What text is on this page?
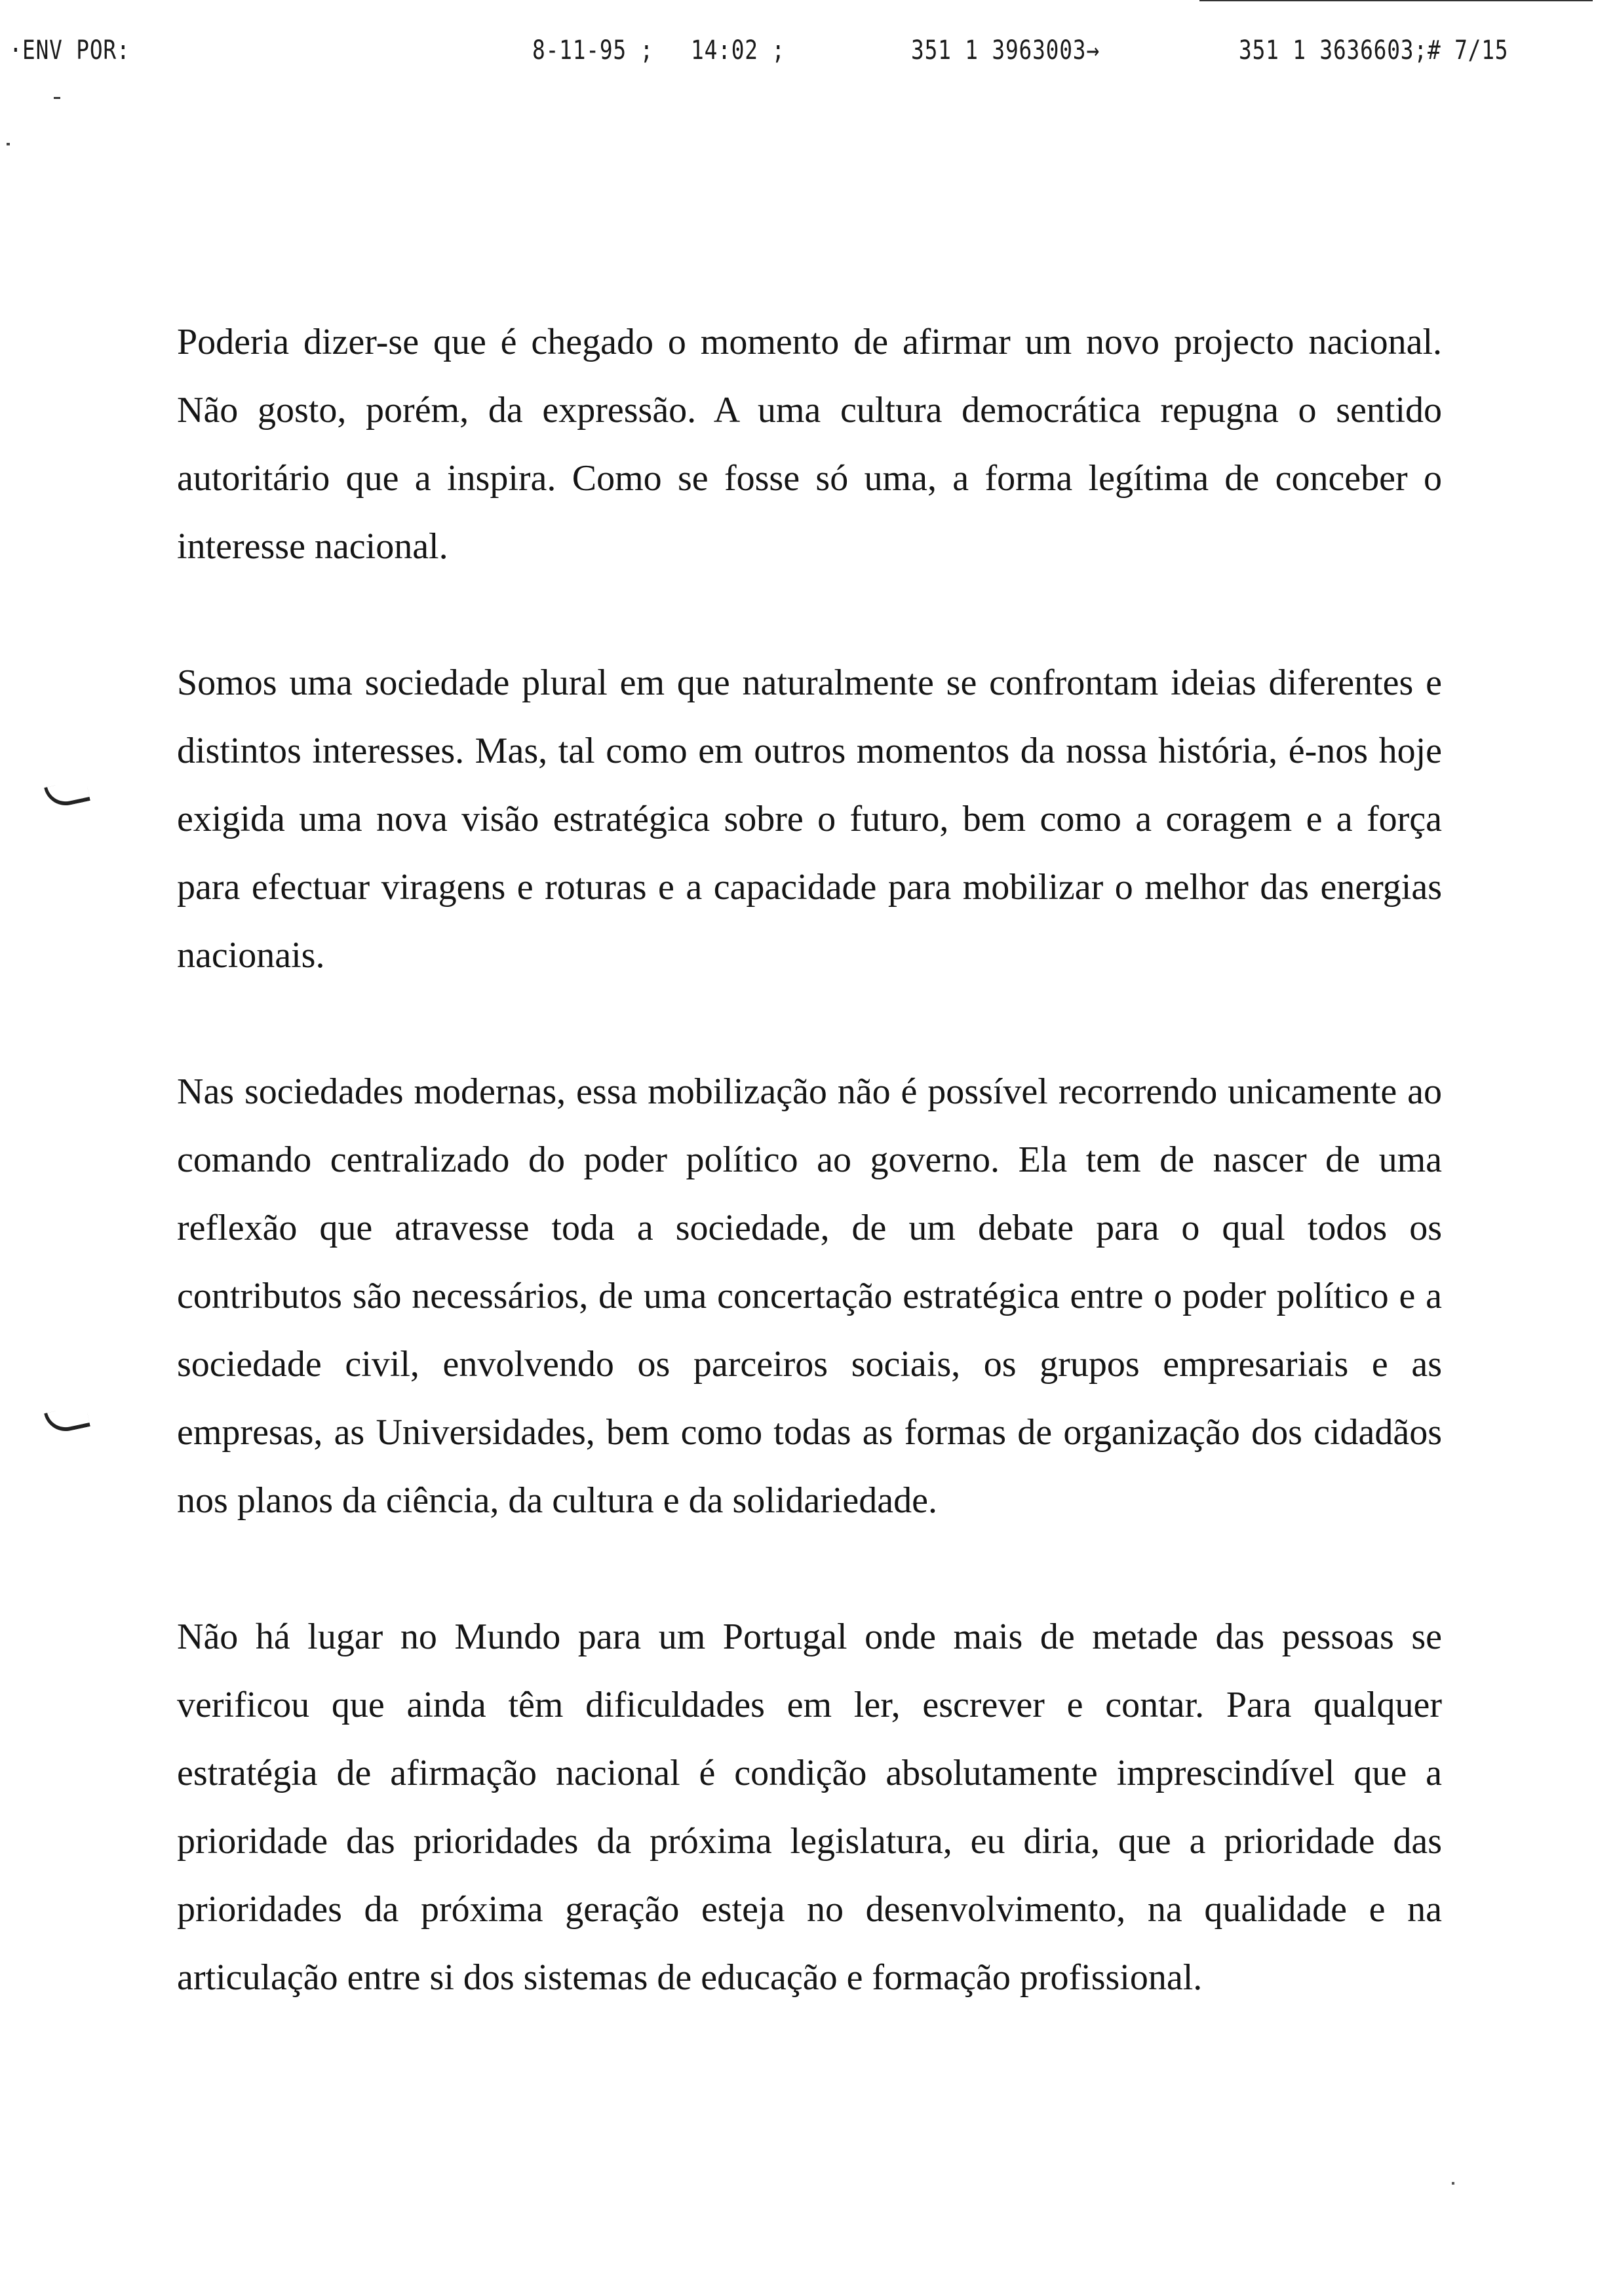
· ENV POR:	8-11-95 ; 14:02 ;	351 1 3963003→	351 1 3636603;# 7/15

Poderia dizer-se que é chegado o momento de afirmar um novo projecto nacional. Não gosto, porém, da expressão. A uma cultura democrática repugna o sentido autoritário que a inspira. Como se fosse só uma, a forma legítima de conceber o interesse nacional.

Somos uma sociedade plural em que naturalmente se confrontam ideias diferentes e distintos interesses. Mas, tal como em outros momentos da nossa história, é-nos hoje exigida uma nova visão estratégica sobre o futuro, bem como a coragem e a força para efectuar viragens e roturas e a capacidade para mobilizar o melhor das energias nacionais.

Nas sociedades modernas, essa mobilização não é possível recorrendo unicamente ao comando centralizado do poder político ao governo. Ela tem de nascer de uma reflexão que atravesse toda a sociedade, de um debate para o qual todos os contributos são necessários, de uma concertação estratégica entre o poder político e a sociedade civil, envolvendo os parceiros sociais, os grupos empresariais e as empresas, as Universidades, bem como todas as formas de organização dos cidadãos nos planos da ciência, da cultura e da solidariedade.

Não há lugar no Mundo para um Portugal onde mais de metade das pessoas se verificou que ainda têm dificuldades em ler, escrever e contar. Para qualquer estratégia de afirmação nacional é condição absolutamente imprescindível que a prioridade das prioridades da próxima legislatura, eu diria, que a prioridade das prioridades da próxima geração esteja no desenvolvimento, na qualidade e na articulação entre si dos sistemas de educação e formação profissional.
